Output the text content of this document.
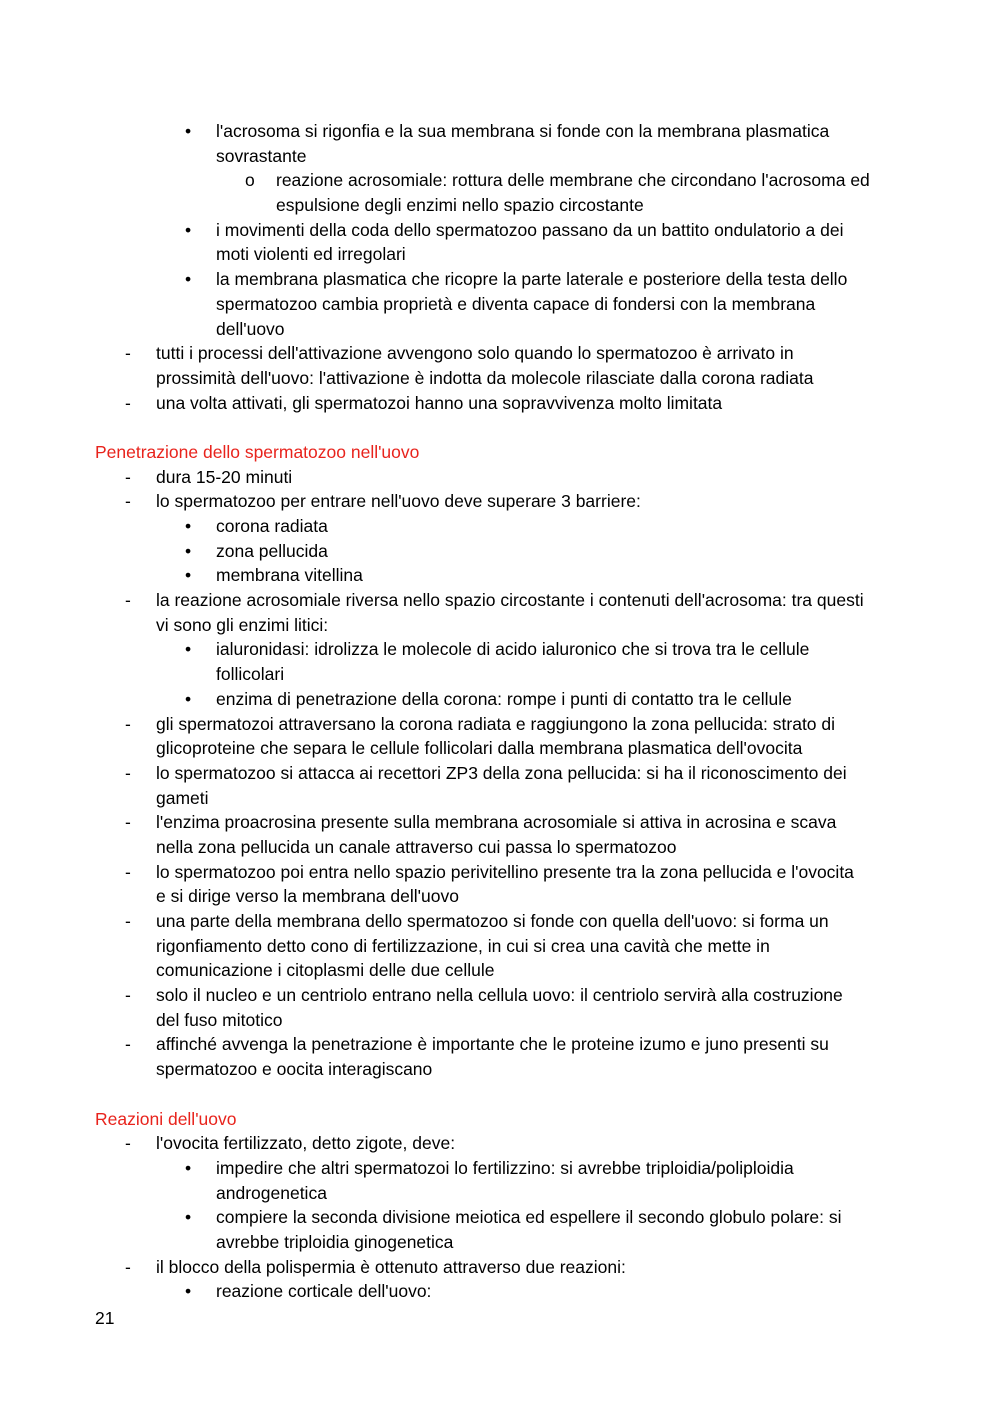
• l'acrosoma si rigonfia e la sua membrana si fonde con la membrana plasmatica
sovrastante
o reazione acrosomiale: rottura delle membrane che circondano l'acrosoma ed
espulsione degli enzimi nello spazio circostante
• i movimenti della coda dello spermatozoo passano da un battito ondulatorio a dei
moti violenti ed irregolari
• la membrana plasmatica che ricopre la parte laterale e posteriore della testa dello
spermatozoo cambia proprietà e diventa capace di fondersi con la membrana
dell'uovo
- tutti i processi dell'attivazione avvengono solo quando lo spermatozoo è arrivato in
prossimità dell'uovo: l'attivazione è indotta da molecole rilasciate dalla corona radiata
- una volta attivati, gli spermatozoi hanno una sopravvivenza molto limitata
Penetrazione dello spermatozoo nell'uovo
- dura 15-20 minuti
- lo spermatozoo per entrare nell'uovo deve superare 3 barriere:
• corona radiata
• zona pellucida
• membrana vitellina
- la reazione acrosomiale riversa nello spazio circostante i contenuti dell'acrosoma: tra questi
vi sono gli enzimi litici:
• ialuronidasi: idrolizza le molecole di acido ialuronico che si trova tra le cellule
follicolari
• enzima di penetrazione della corona: rompe i punti di contatto tra le cellule
- gli spermatozoi attraversano la corona radiata e raggiungono la zona pellucida: strato di
glicoproteine che separa le cellule follicolari dalla membrana plasmatica dell'ovocita
- lo spermatozoo si attacca ai recettori ZP3 della zona pellucida: si ha il riconoscimento dei
gameti
- l'enzima proacrosina presente sulla membrana acrosomiale si attiva in acrosina e scava
nella zona pellucida un canale attraverso cui passa lo spermatozoo
- lo spermatozoo poi entra nello spazio perivitellino presente tra la zona pellucida e l'ovocita
e si dirige verso la membrana dell'uovo
- una parte della membrana dello spermatozoo si fonde con quella dell'uovo: si forma un
rigonfiamento detto cono di fertilizzazione, in cui si crea una cavità che mette in
comunicazione i citoplasmi delle due cellule
- solo il nucleo e un centriolo entrano nella cellula uovo: il centriolo servirà alla costruzione
del fuso mitotico
- affinché avvenga la penetrazione è importante che le proteine izumo e juno presenti su
spermatozoo e oocita interagiscano
Reazioni dell'uovo
- l'ovocita fertilizzato, detto zigote, deve:
• impedire che altri spermatozoi lo fertilizzino: si avrebbe triploidia/poliploidia
androgenetica
• compiere la seconda divisione meiotica ed espellere il secondo globulo polare: si
avrebbe triploidia ginogenetica
- il blocco della polispermia è ottenuto attraverso due reazioni:
• reazione corticale dell'uovo:
21
